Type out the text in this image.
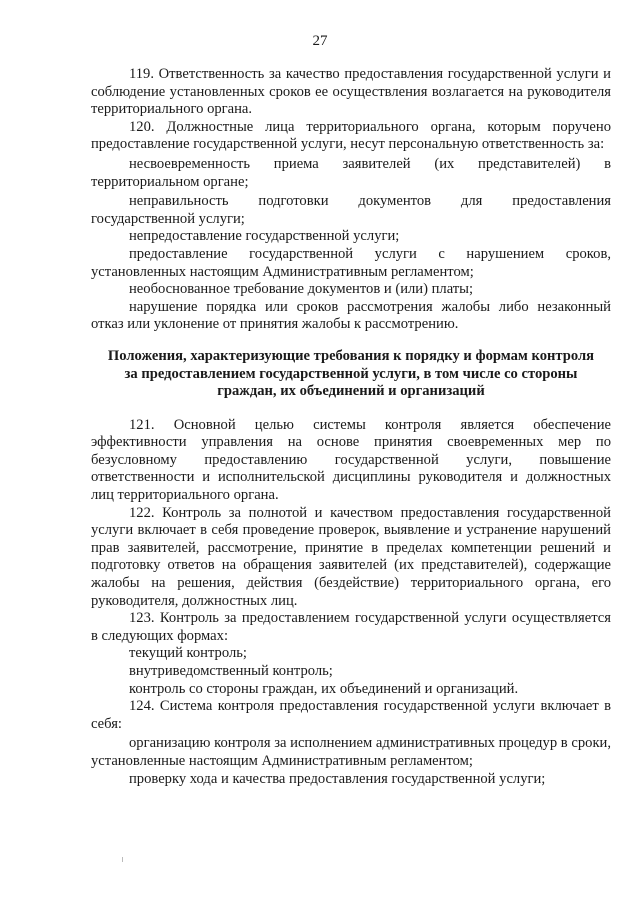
27

119. Ответственность за качество предоставления государственной услуги и соблюдение установленных сроков ее осуществления возлагается на руководителя территориального органа.

120. Должностные лица территориального органа, которым поручено предоставление государственной услуги, несут персональную ответственность за:

несвоевременность приема заявителей (их представителей) в территориальном органе;

неправильность подготовки документов для предоставления государственной услуги;

непредоставление государственной услуги;

предоставление государственной услуги с нарушением сроков, установленных настоящим Административным регламентом;

необоснованное требование документов и (или) платы;

нарушение порядка или сроков рассмотрения жалобы либо незаконный отказ или уклонение от принятия жалобы к рассмотрению.

Положения, характеризующие требования к порядку и формам контроля за предоставлением государственной услуги, в том числе со стороны граждан, их объединений и организаций

121. Основной целью системы контроля является обеспечение эффективности управления на основе принятия своевременных мер по безусловному предоставлению государственной услуги, повышение ответственности и исполнительской дисциплины руководителя и должностных лиц территориального органа.

122. Контроль за полнотой и качеством предоставления государственной услуги включает в себя проведение проверок, выявление и устранение нарушений прав заявителей, рассмотрение, принятие в пределах компетенции решений и подготовку ответов на обращения заявителей (их представителей), содержащие жалобы на решения, действия (бездействие) территориального органа, его руководителя, должностных лиц.

123. Контроль за предоставлением государственной услуги осуществляется в следующих формах:

текущий контроль;

внутриведомственный контроль;

контроль со стороны граждан, их объединений и организаций.

124. Система контроля предоставления государственной услуги включает в себя:

организацию контроля за исполнением административных процедур в сроки, установленные настоящим Административным регламентом;

проверку хода и качества предоставления государственной услуги;
